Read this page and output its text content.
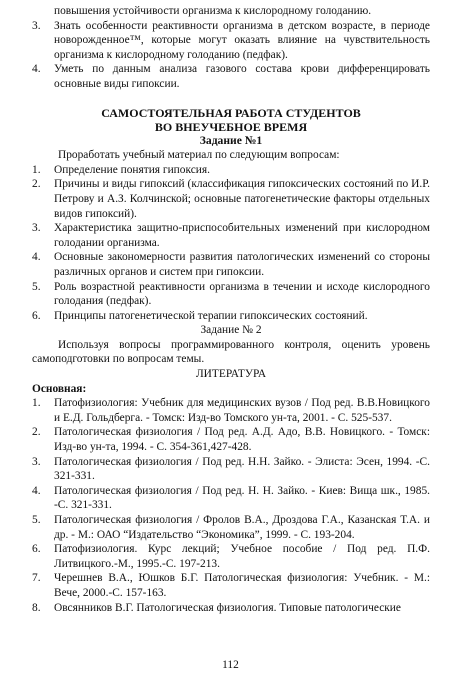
повышения устойчивости организма к кислородному голоданию.
3.	Знать особенности реактивности организма в детском возрасте, в периоде новорожденное™, которые могут оказать влияние на чувствительность организма к кислородному голоданию (педфак).
4.	Уметь по данным анализа газового состава крови дифференцировать основные виды гипоксии.
САМОСТОЯТЕЛЬНАЯ РАБОТА СТУДЕНТОВ
ВО ВНЕУЧЕБНОЕ ВРЕМЯ
Задание №1
Проработать учебный материал по следующим вопросам:
1.	Определение понятия гипоксия.
2.	Причины и виды гипоксий (классификация гипоксических состояний по И.Р. Петрову и А.З. Колчинской; основные патогенетические факторы отдельных видов гипоксий).
3.	Характеристика защитно-приспособительных изменений при кислородном голодании организма.
4.	Основные закономерности развития патологических изменений со стороны различных органов и систем при гипоксии.
5.	Роль возрастной реактивности организма в течении и исходе кислородного голодания (педфак).
6.	Принципы патогенетической терапии гипоксических состояний.
Задание № 2
Используя вопросы программированного контроля, оценить уровень самоподготовки по вопросам темы.
ЛИТЕРАТУРА
Основная:
1.	Патофизиология: Учебник для медицинских вузов / Под ред. В.В.Новицкого и Е.Д. Гольдберга. - Томск: Изд-во Томского ун-та, 2001. - С. 525-537.
2.	Патологическая физиология / Под ред. А.Д. Адо, В.В. Новицкого. - Томск: Изд-во ун-та, 1994. - С. 354-361,427-428.
3.	Патологическая физиология / Под ред. Н.Н. Зайко. - Элиста: Эсен, 1994. -С. 321-331.
4.	Патологическая физиология / Под ред. Н. Н. Зайко. - Киев: Вища шк., 1985. -С. 321-331.
5.	Патологическая физиология / Фролов В.А., Дроздова Г.А., Казанская Т.А. и др. - М.: ОАО “Издательство “Экономика”, 1999. - С. 193-204.
6.	Патофизиология. Курс лекций; Учебное пособие / Под ред. П.Ф. Литвицкого.-М., 1995.-С. 197-213.
7.	Черешнев В.А., Юшков Б.Г. Патологическая физиология: Учебник. - М.: Вече, 2000.-С. 157-163.
8.	Овсянников В.Г. Патологическая физиология. Типовые патологические
112
